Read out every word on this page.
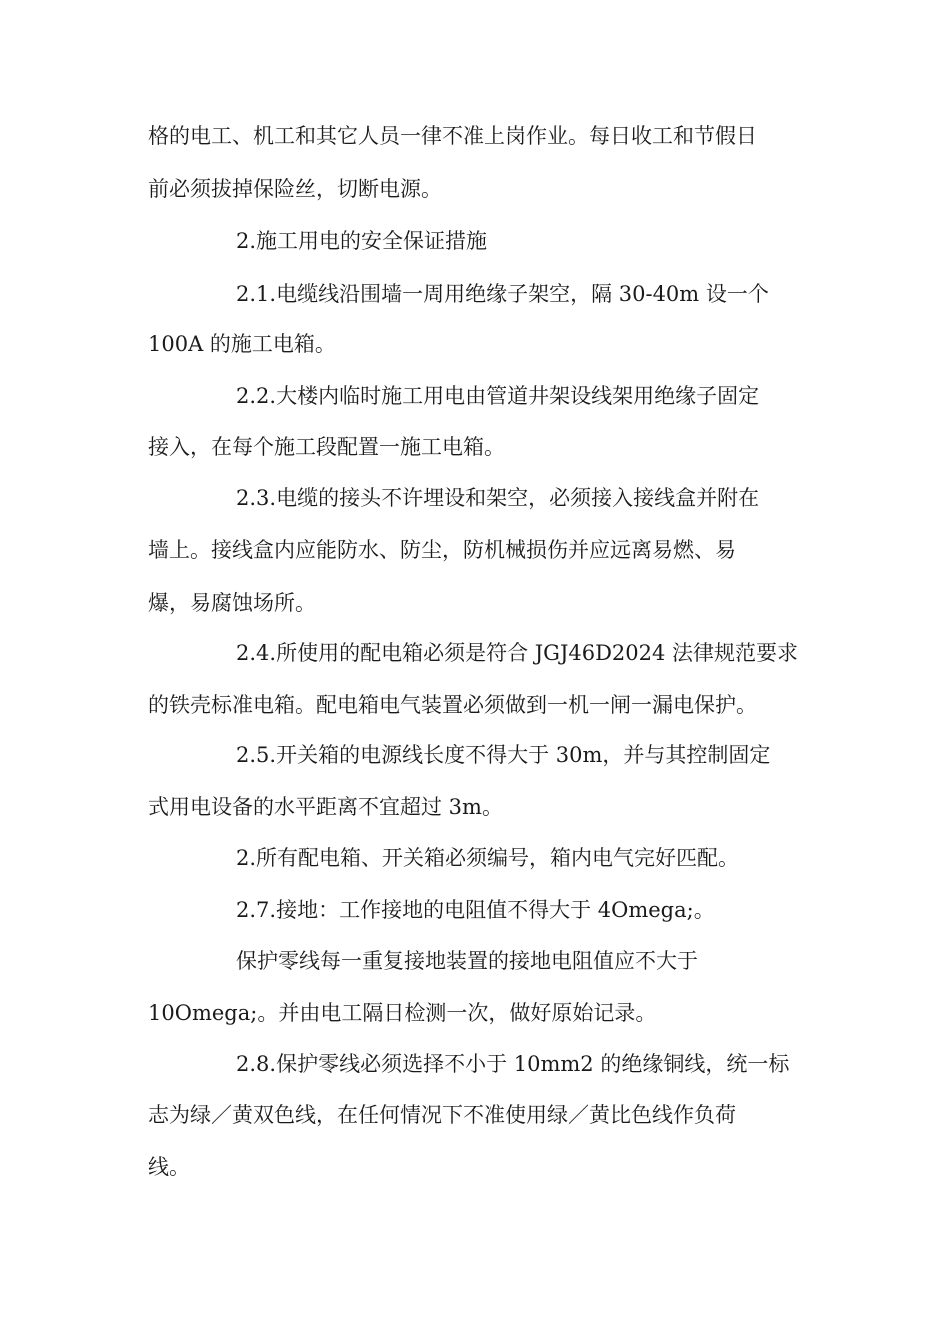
格的电工、机工和其它人员一律不准上岗作业。每日收工和节假日

前必须拔掉保险丝，切断电源。

2.施工用电的安全保证措施

2.1.电缆线沿围墙一周用绝缘子架空，隔 30-40m 设一个

100A 的施工电箱。

2.2.大楼内临时施工用电由管道井架设线架用绝缘子固定

接入，在每个施工段配置一施工电箱。

2.3.电缆的接头不许埋设和架空，必须接入接线盒并附在

墙上。接线盒内应能防水、防尘，防机械损伤并应远离易燃、易

爆，易腐蚀场所。

2.4.所使用的配电箱必须是符合 JGJ46D2024 法律规范要求

的铁壳标准电箱。配电箱电气装置必须做到一机一闸一漏电保护。

2.5.开关箱的电源线长度不得大于 30m，并与其控制固定

式用电设备的水平距离不宜超过 3m。

2.所有配电箱、开关箱必须编号，箱内电气完好匹配。

2.7.接地：工作接地的电阻值不得大于 4Omega;。

保护零线每一重复接地装置的接地电阻值应不大于

10Omega;。并由电工隔日检测一次，做好原始记录。

2.8.保护零线必须选择不小于 10mm2 的绝缘铜线，统一标

志为绿／黄双色线，在任何情况下不准使用绿／黄比色线作负荷

线。
